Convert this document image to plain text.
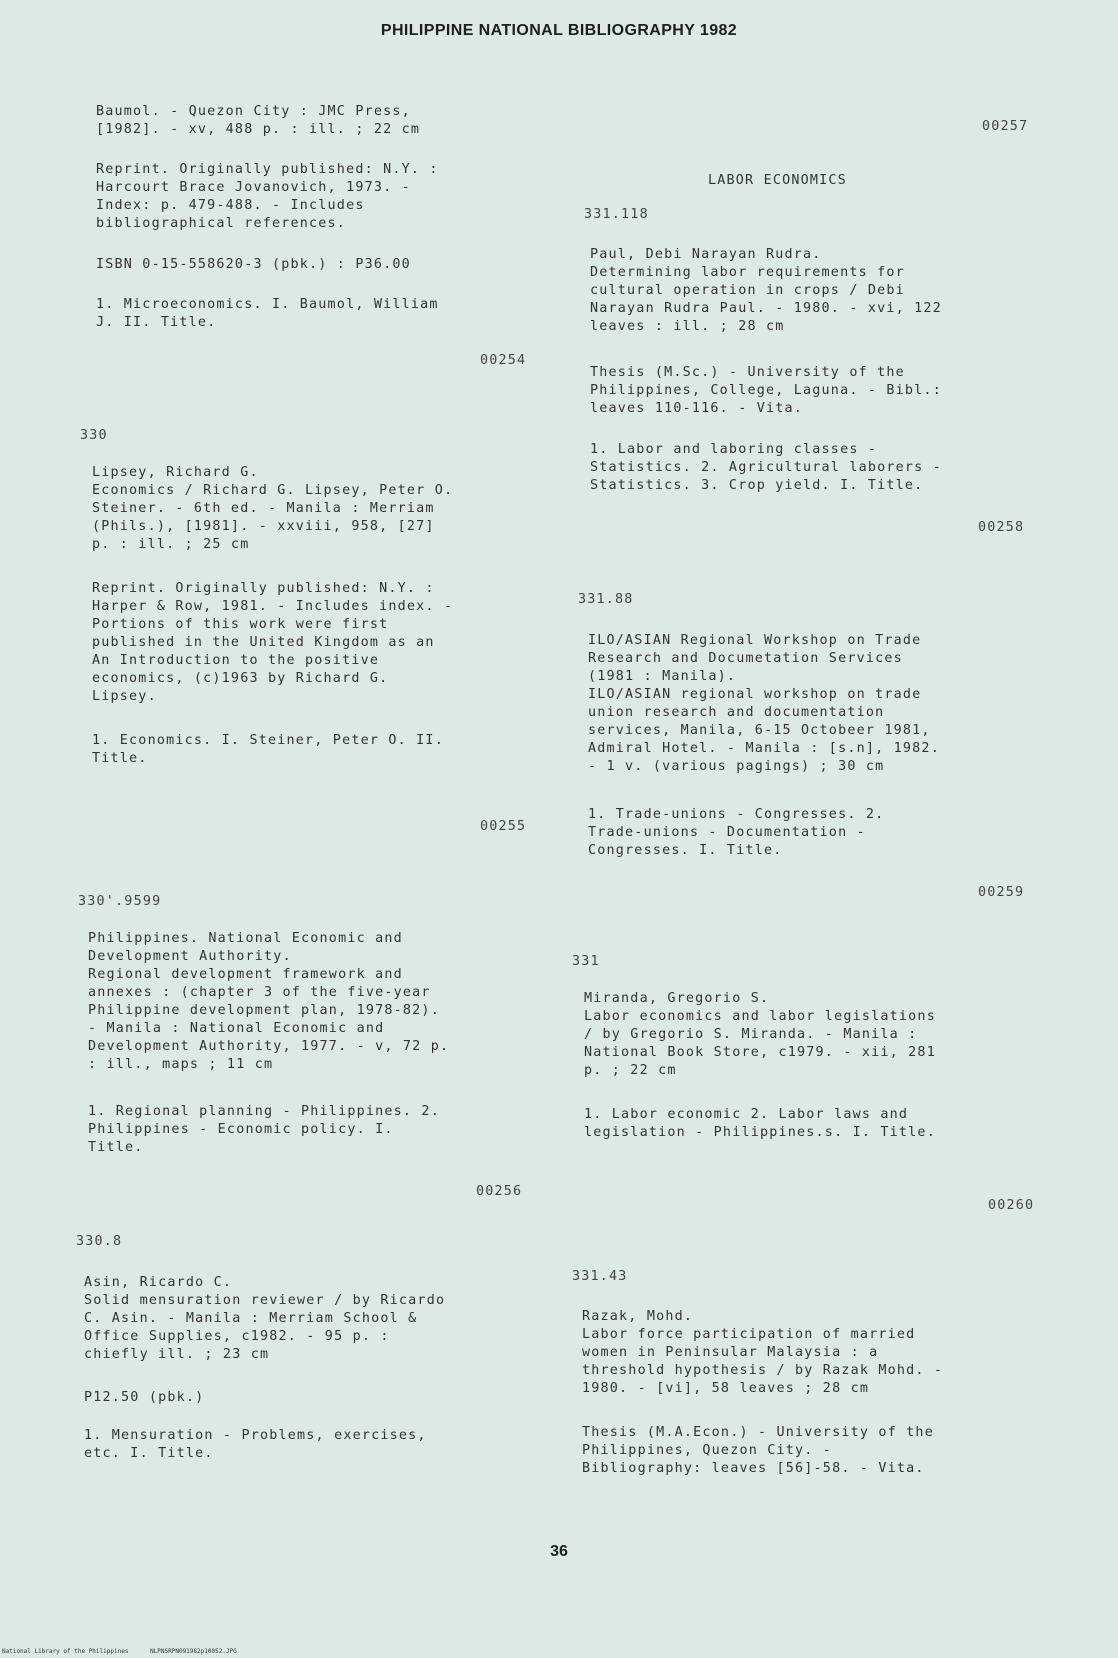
PHILIPPINE NATIONAL BIBLIOGRAPHY 1982
Baumol. - Quezon City : JMC Press,
[1982]. - xv, 488 p. : ill. ; 22 cm
Reprint. Originally published: N.Y. :
Harcourt Brace Jovanovich, 1973. -
Index: p. 479-488. - Includes
bibliographical references.
ISBN 0-15-558620-3 (pbk.) : P36.00
1. Microeconomics. I. Baumol, William
J. II. Title.
00254
330
Lipsey, Richard G.
Economics / Richard G. Lipsey, Peter O.
Steiner. - 6th ed. - Manila : Merriam
(Phils.), [1981]. - xxviii, 958, [27]
p. : ill. ; 25 cm
Reprint. Originally published: N.Y. :
Harper & Row, 1981. - Includes index. -
Portions of this work were first
published in the United Kingdom as an
An Introduction to the positive
economics, (c)1963 by Richard G.
Lipsey.
1. Economics. I. Steiner, Peter O. II.
Title.
00255
330'.9599
Philippines. National Economic and
Development Authority.
Regional development framework and
annexes : (chapter 3 of the five-year
Philippine development plan, 1978-82).
- Manila : National Economic and
Development Authority, 1977. - v, 72 p.
: ill., maps ; 11 cm
1. Regional planning - Philippines. 2.
Philippines - Economic policy. I.
Title.
00256
330.8
Asin, Ricardo C.
Solid mensuration reviewer / by Ricardo
C. Asin. - Manila : Merriam School &
Office Supplies, c1982. - 95 p. :
chiefly ill. ; 23 cm
P12.50 (pbk.)
1. Mensuration - Problems, exercises,
etc. I. Title.
00257
LABOR ECONOMICS
331.118
Paul, Debi Narayan Rudra.
Determining labor requirements for
cultural operation in crops / Debi
Narayan Rudra Paul. - 1980. - xvi, 122
leaves : ill. ; 28 cm
Thesis (M.Sc.) - University of the
Philippines, College, Laguna. - Bibl.:
leaves 110-116. - Vita.
1. Labor and laboring classes -
Statistics. 2. Agricultural laborers -
Statistics. 3. Crop yield. I. Title.
00258
331.88
ILO/ASIAN Regional Workshop on Trade
Research and Documetation Services
(1981 : Manila).
ILO/ASIAN regional workshop on trade
union research and documentation
services, Manila, 6-15 Octobeer 1981,
Admiral Hotel. - Manila : [s.n], 1982.
- 1 v. (various pagings) ; 30 cm
1. Trade-unions - Congresses. 2.
Trade-unions - Documentation -
Congresses. I. Title.
00259
331
Miranda, Gregorio S.
Labor economics and labor legislations
/ by Gregorio S. Miranda. - Manila :
National Book Store, c1979. - xii, 281
p. ; 22 cm
1. Labor economic 2. Labor laws and
legislation - Philippines.s. I. Title.
00260
331.43
Razak, Mohd.
Labor force participation of married
women in Peninsular Malaysia : a
threshold hypothesis / by Razak Mohd. -
1980. - [vi], 58 leaves ; 28 cm
Thesis (M.A.Econ.) - University of the
Philippines, Quezon City. -
Bibliography: leaves [56]-58. - Vita.
36
National Library of the Philippines	NLPNSRPN091982p10052.JPG
